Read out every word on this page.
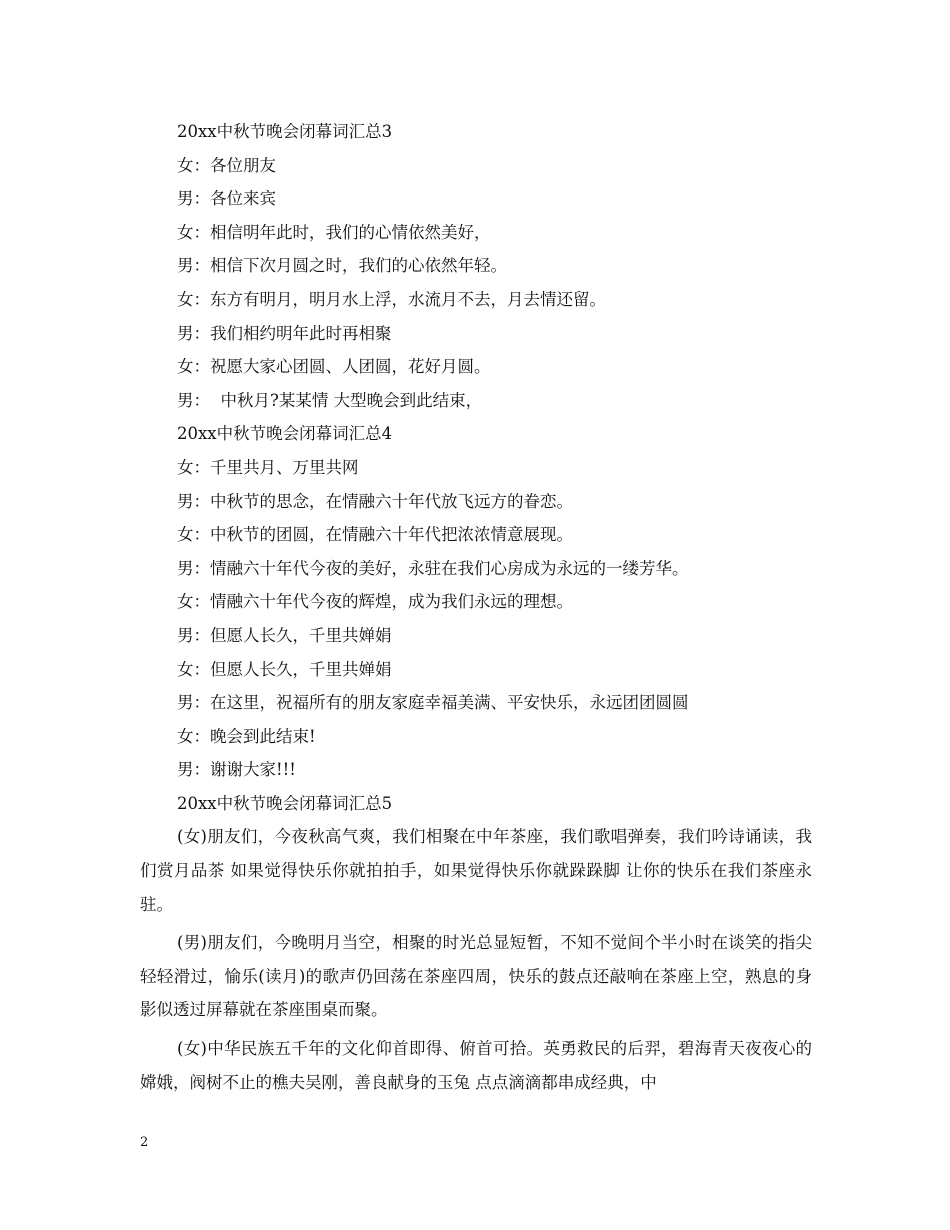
20xx中秋节晚会闭幕词汇总3
女：各位朋友
男：各位来宾
女：相信明年此时，我们的心情依然美好，
男：相信下次月圆之时，我们的心依然年轻。
女：东方有明月，明月水上浮，水流月不去，月去情还留。
男：我们相约明年此时再相聚
女：祝愿大家心团圆、人团圆，花好月圆。
男：  中秋月?某某情 大型晚会到此结束，
20xx中秋节晚会闭幕词汇总4
女：千里共月、万里共网
男：中秋节的思念，在情融六十年代放飞远方的眷恋。
女：中秋节的团圆，在情融六十年代把浓浓情意展现。
男：情融六十年代今夜的美好，永驻在我们心房成为永远的一缕芳华。
女：情融六十年代今夜的辉煌，成为我们永远的理想。
男：但愿人长久，千里共婵娟
女：但愿人长久，千里共婵娟
男：在这里，祝福所有的朋友家庭幸福美满、平安快乐，永远团团圆圆
女：晚会到此结束!
男：谢谢大家!!!
20xx中秋节晚会闭幕词汇总5

(女)朋友们，今夜秋高气爽，我们相聚在中年茶座，我们歌唱弹奏，我们吟诗诵读，我们赏月品茶 如果觉得快乐你就拍拍手，如果觉得快乐你就跺跺脚 让你的快乐在我们茶座永驻。

(男)朋友们，今晚明月当空，相聚的时光总显短暂，不知不觉间个半小时在谈笑的指尖轻轻滑过，愉乐(读月)的歌声仍回荡在茶座四周，快乐的鼓点还敲响在茶座上空，熟息的身影似透过屏幕就在茶座围桌而聚。

(女)中华民族五千年的文化仰首即得、俯首可拾。英勇救民的后羿，碧海青天夜夜心的嫦娥，阀树不止的樵夫吴刚，善良献身的玉兔 点点滴滴都串成经典，中

2
